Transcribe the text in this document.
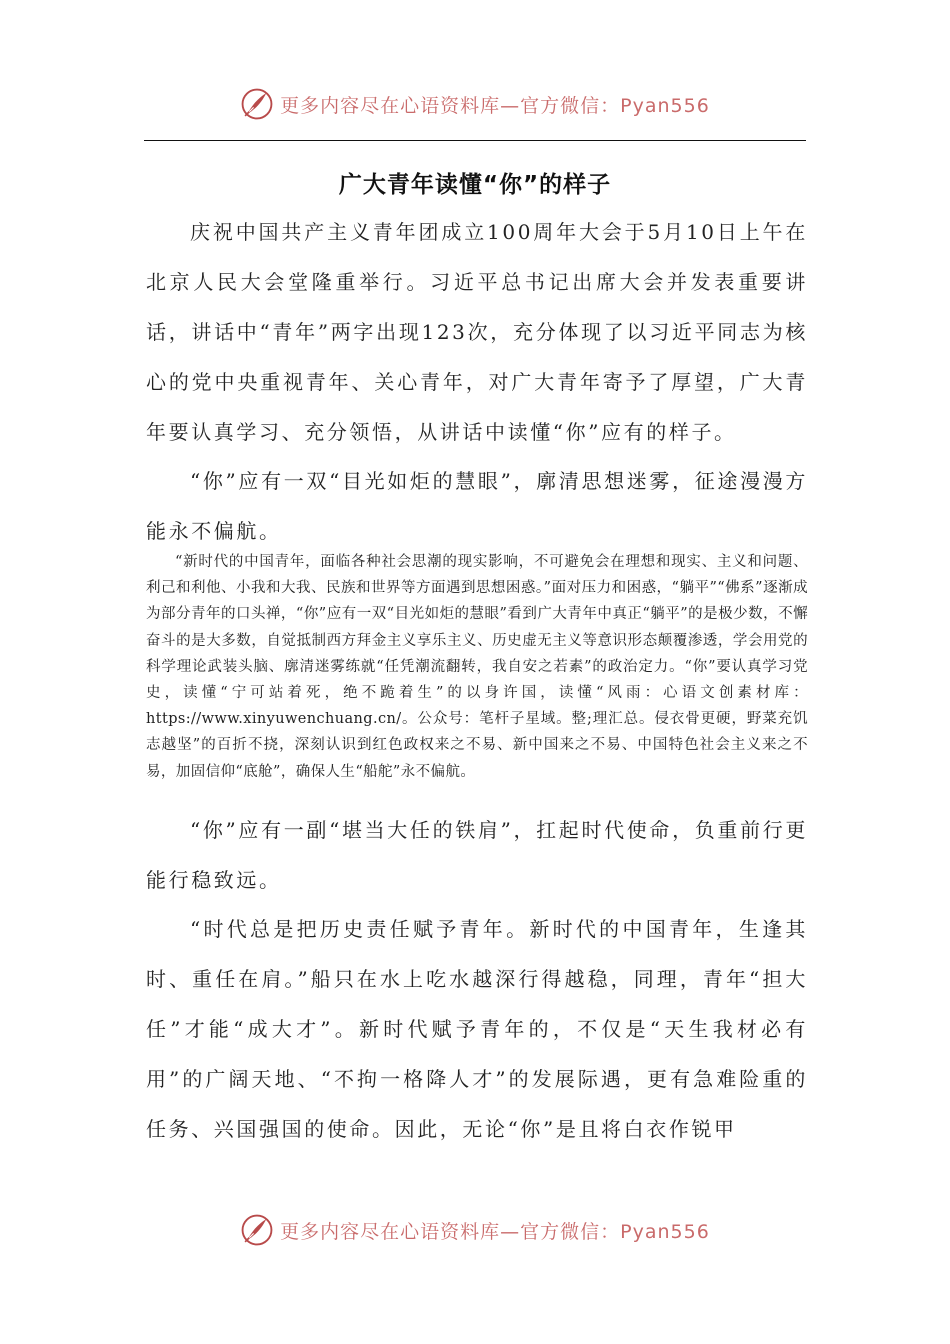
更多内容尽在心语资料库—官方微信：Pyan556
广大青年读懂“你”的样子

庆祝中国共产主义青年团成立100周年大会于5月10日上午在北京人民大会堂隆重举行。习近平总书记出席大会并发表重要讲话，讲话中“青年”两字出现123次，充分体现了以习近平同志为核心的党中央重视青年、关心青年，对广大青年寄予了厚望，广大青年要认真学习、充分领悟，从讲话中读懂“你”应有的样子。

“你”应有一双“目光如炬的慧眼”，廓清思想迷雾，征途漫漫方能永不偏航。

“新时代的中国青年，面临各种社会思潮的现实影响，不可避免会在理想和现实、主义和问题、利己和利他、小我和大我、民族和世界等方面遇到思想困惑。”面对压力和困惑，“躺平”“佛系”逐渐成为部分青年的口头禅，“你”应有一双“目光如炬的慧眼”看到广大青年中真正“躺平”的是极少数，不懈奋斗的是大多数，自觉抵制西方拜金主义享乐主义、历史虚无主义等意识形态颠覆渗透，学会用党的科学理论武装头脑、廓清迷雾练就“任凭潮流翻转，我自安之若素”的政治定力。“你”要认真学习党史，读懂“宁可站着死，绝不跪着生”的以身许国，读懂“风雨：心语文创素材库：https://www.xinyuwenchuang.cn/。公众号：笔杆子星域。整;理汇总。侵衣骨更硬，野菜充饥志越坚”的百折不挠，深刻认识到红色政权来之不易、新中国来之不易、中国特色社会主义来之不易，加固信仰“底舱”，确保人生“船舵”永不偏航。

“你”应有一副“堪当大任的铁肩”，扛起时代使命，负重前行更能行稳致远。

“时代总是把历史责任赋予青年。新时代的中国青年，生逢其时、重任在肩。”船只在水上吃水越深行得越稳，同理，青年“担大任”才能“成大才”。新时代赋予青年的，不仅是“天生我材必有用”的广阔天地、“不拘一格降人才”的发展际遇，更有急难险重的任务、兴国强国的使命。因此，无论“你”是且将白衣作锐甲

更多内容尽在心语资料库—官方微信：Pyan556
